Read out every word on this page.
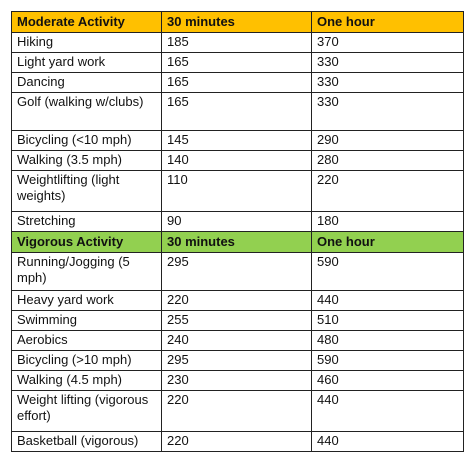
Moderate Activity	30 minutes	One hour
Hiking	185	370
Light yard work	165	330
Dancing	165	330
Golf (walking w/clubs)	165	330
Bicycling (<10 mph)	145	290
Walking (3.5 mph)	140	280
Weightlifting (light weights)	110	220
Stretching	90	180
Vigorous Activity	30 minutes	One hour
Running/Jogging (5 mph)	295	590
Heavy yard work	220	440
Swimming	255	510
Aerobics	240	480
Bicycling (>10 mph)	295	590
Walking (4.5 mph)	230	460
Weight lifting (vigorous effort)	220	440
Basketball (vigorous)	220	440
